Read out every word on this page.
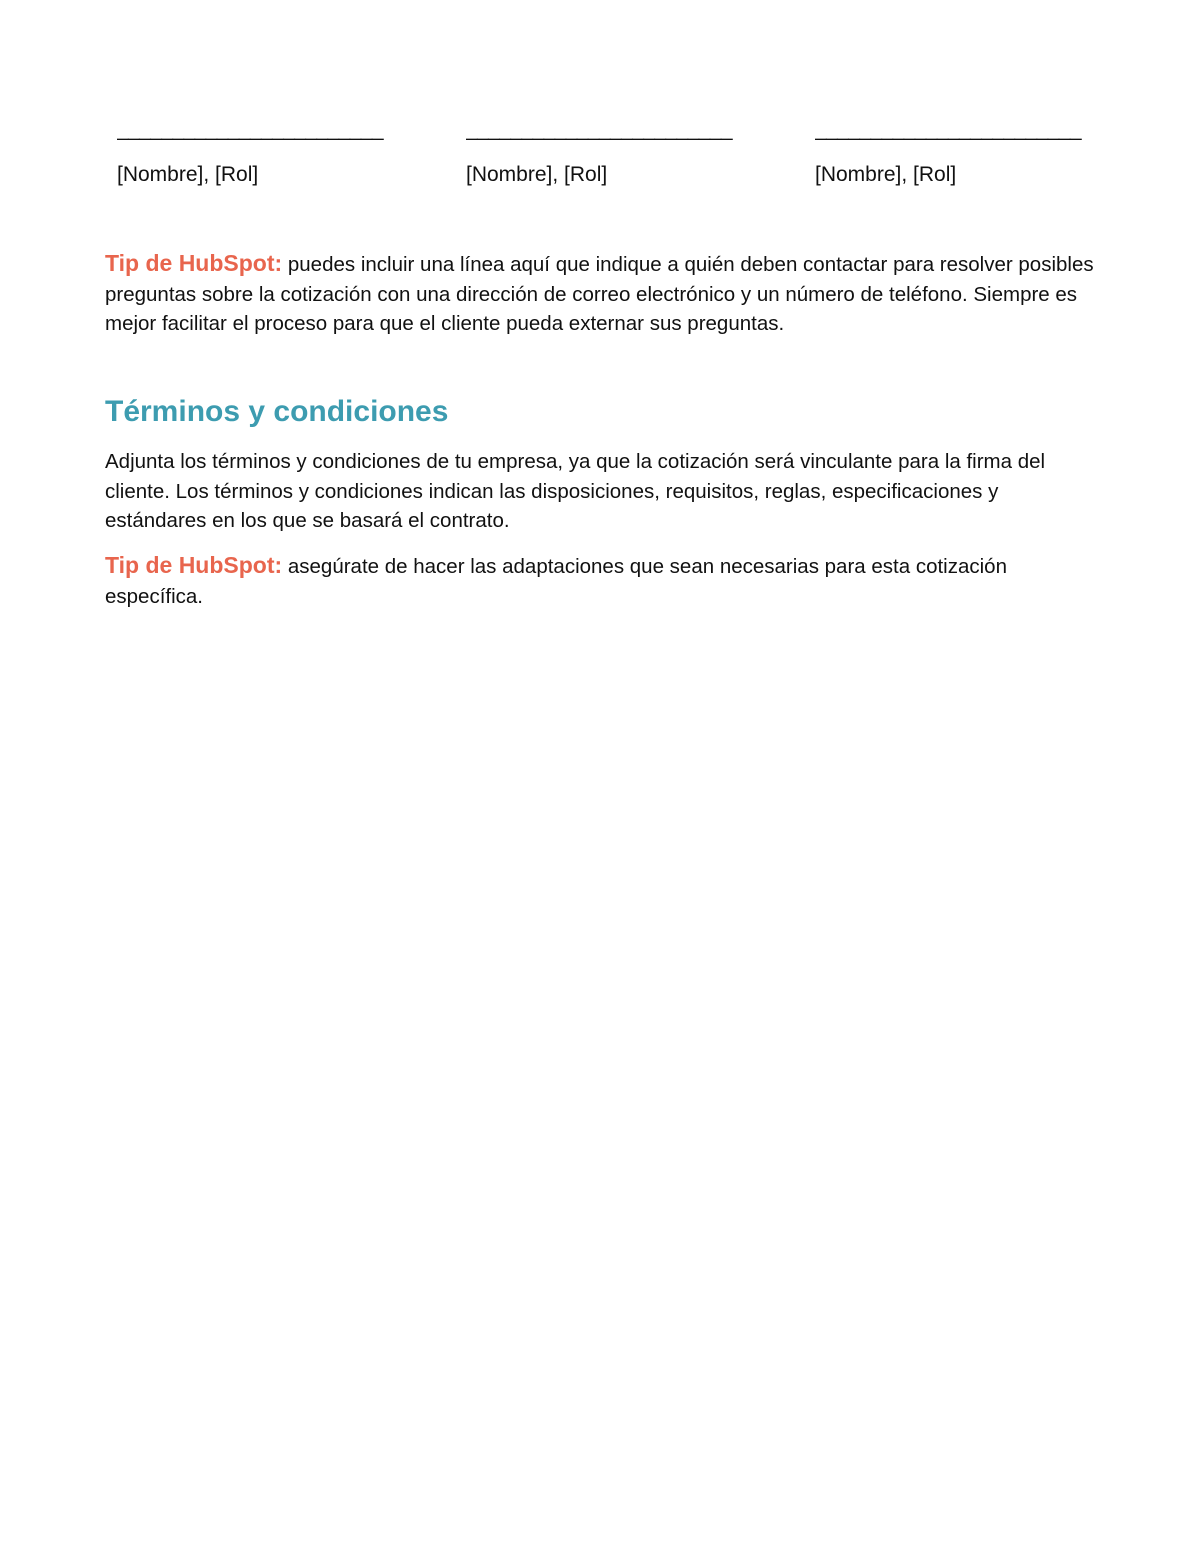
________________________
[Nombre], [Rol]
________________________
[Nombre], [Rol]
________________________
[Nombre], [Rol]

Tip de HubSpot: puedes incluir una línea aquí que indique a quién deben contactar para resolver posibles preguntas sobre la cotización con una dirección de correo electrónico y un número de teléfono. Siempre es mejor facilitar el proceso para que el cliente pueda externar sus preguntas.

Términos y condiciones

Adjunta los términos y condiciones de tu empresa, ya que la cotización será vinculante para la firma del cliente. Los términos y condiciones indican las disposiciones, requisitos, reglas, especificaciones y estándares en los que se basará el contrato.

Tip de HubSpot: asegúrate de hacer las adaptaciones que sean necesarias para esta cotización específica.
